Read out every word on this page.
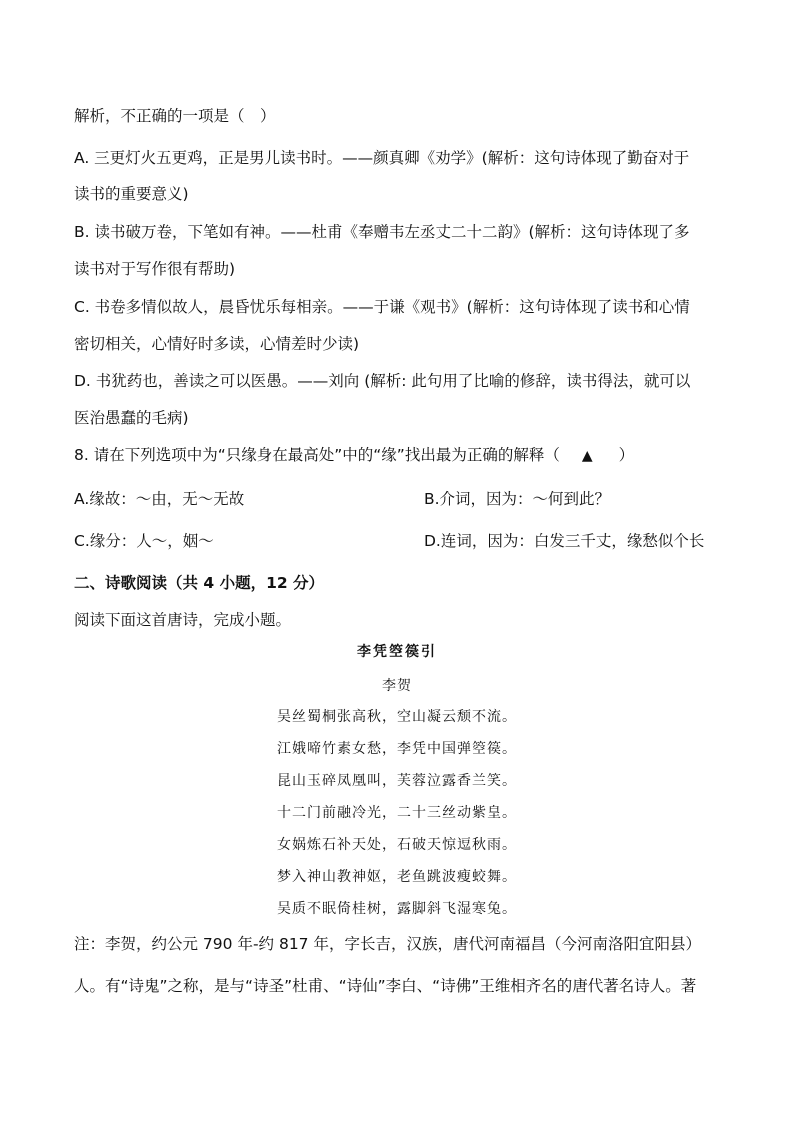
解析，不正确的一项是（　）
A. 三更灯火五更鸡，正是男儿读书时。——颜真卿《劝学》(解析：这句诗体现了勤奋对于
读书的重要意义)
B. 读书破万卷，下笔如有神。——杜甫《奉赠韦左丞丈二十二韵》(解析：这句诗体现了多
读书对于写作很有帮助)
C. 书卷多情似故人，晨昏忧乐每相亲。——于谦《观书》(解析：这句诗体现了读书和心情
密切相关，心情好时多读，心情差时少读)
D. 书犹药也，善读之可以医愚。——刘向 (解析: 此句用了比喻的修辞，读书得法，就可以
医治愚蠢的毛病)
8. 请在下列选项中为“只缘身在最高处”中的“缘”找出最为正确的解释（ ▲ ）
A.缘故：～由，无～无故	B.介词，因为：～何到此？
C.缘分：人～，姻～	D.连词，因为：白发三千丈，缘愁似个长
二、诗歌阅读（共 4 小题，12 分）
阅读下面这首唐诗，完成小题。
李凭箜篌引
李贺
吴丝蜀桐张高秋，空山凝云颓不流。
江娥啼竹素女愁，李凭中国弹箜篌。
昆山玉碎凤凰叫，芙蓉泣露香兰笑。
十二门前融冷光，二十三丝动紫皇。
女娲炼石补天处，石破天惊逗秋雨。
梦入神山教神妪，老鱼跳波瘦蛟舞。
吴质不眠倚桂树，露脚斜飞湿寒兔。
注：李贺，约公元 790 年-约 817 年，字长吉，汉族，唐代河南福昌（今河南洛阳宜阳县）
人。有“诗鬼”之称，是与“诗圣”杜甫、“诗仙”李白、“诗佛”王维相齐名的唐代著名诗人。著
